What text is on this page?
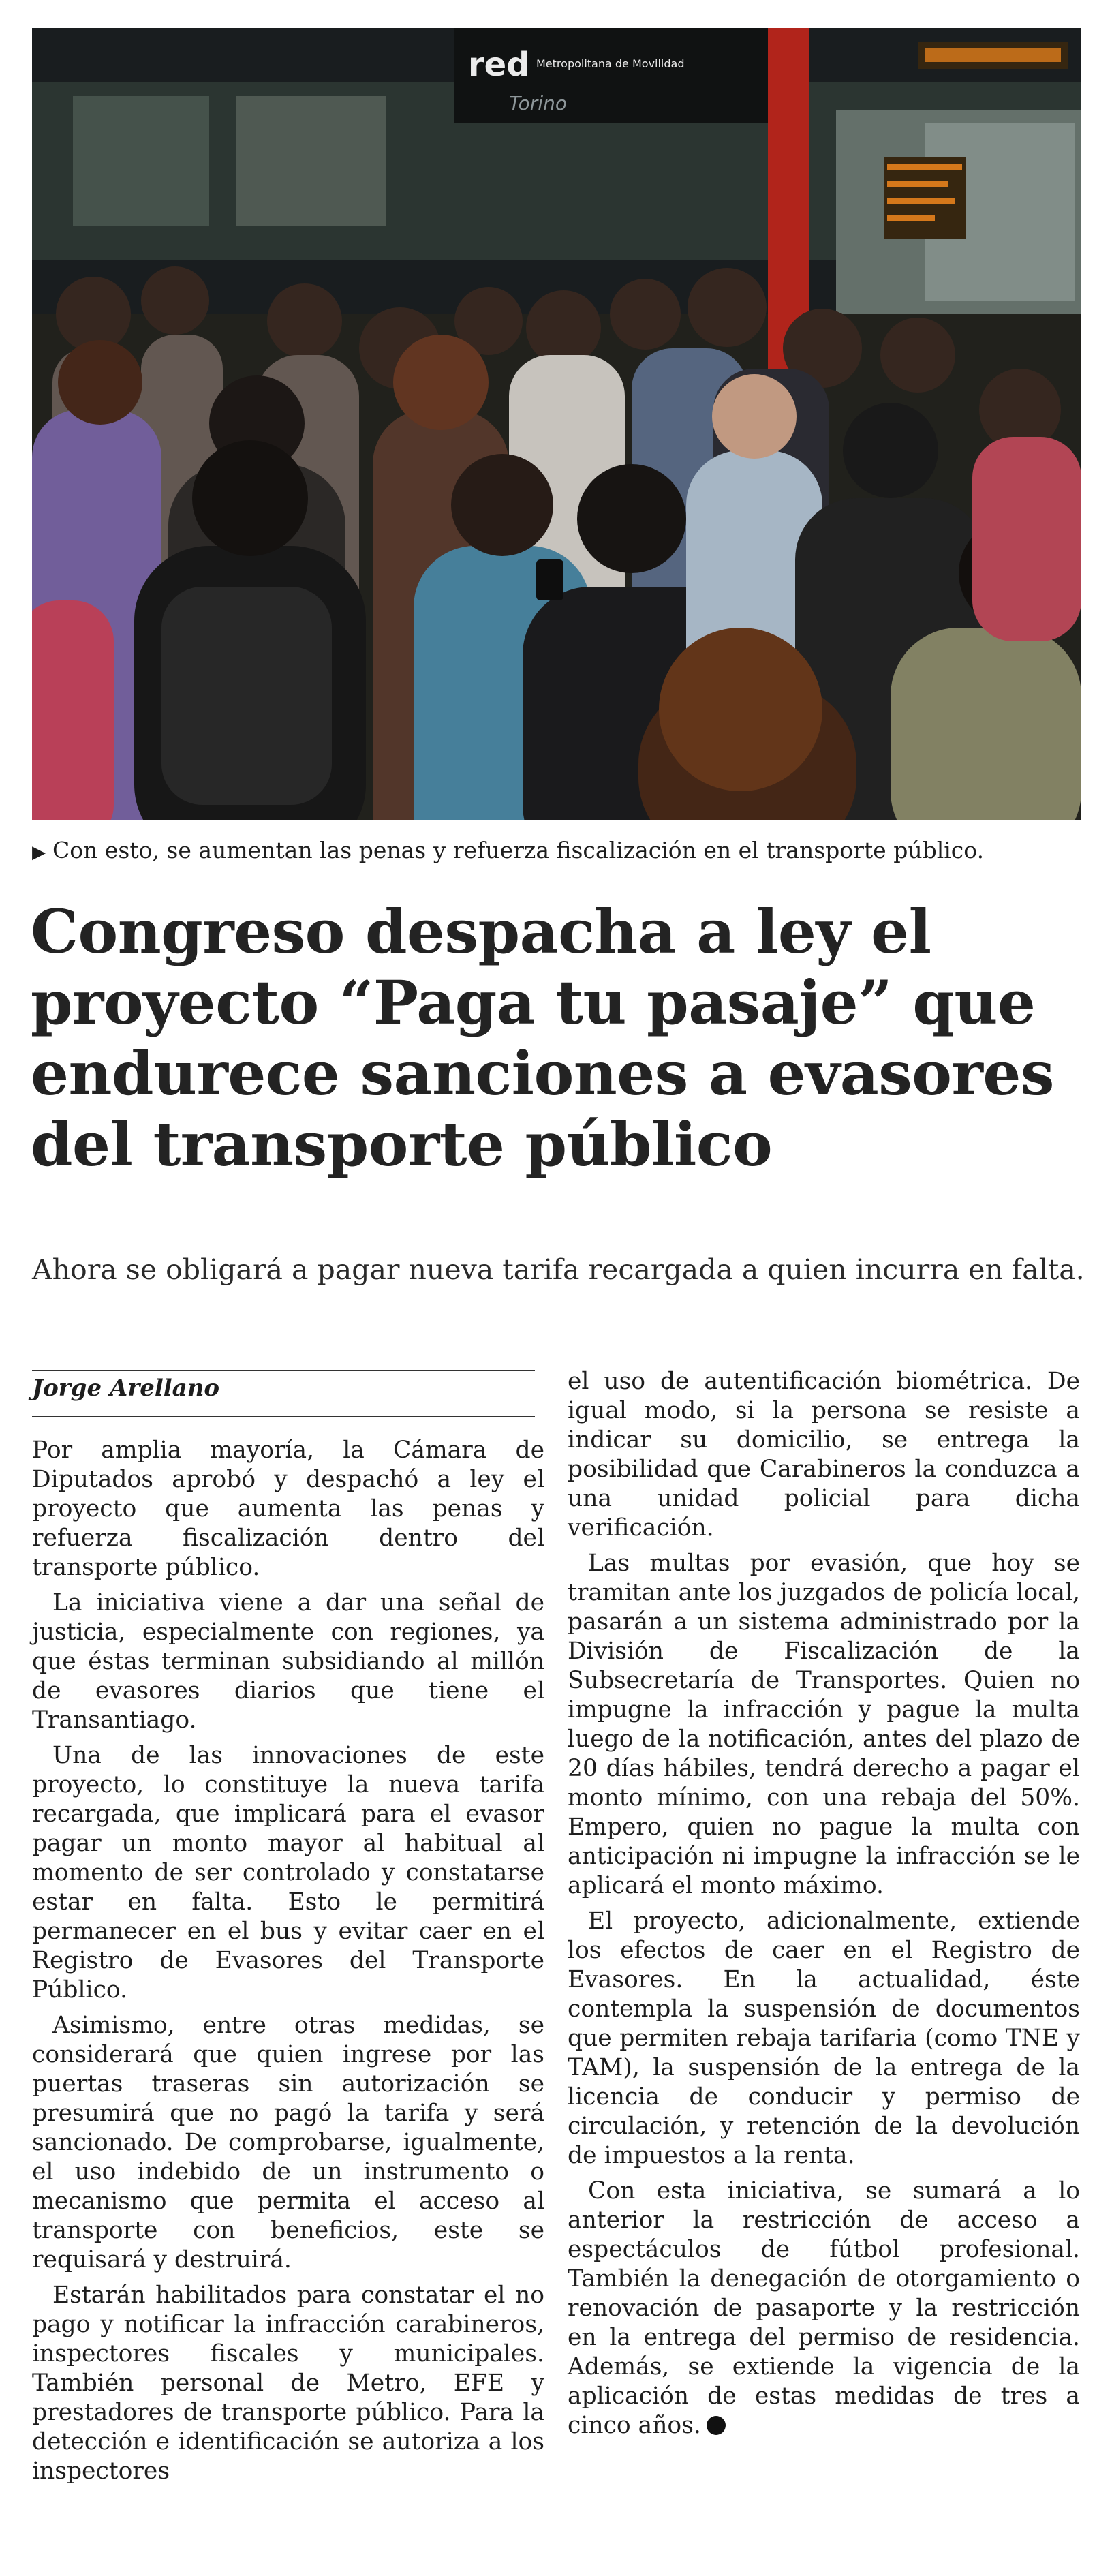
red Metropolitana de Movilidad
Torino
▶ Con esto, se aumentan las penas y refuerza fiscalización en el transporte público.
Congreso despacha a ley el proyecto “Paga tu pasaje” que endurece sanciones a evasores del transporte público
Ahora se obligará a pagar nueva tarifa recargada a quien incurra en falta.
Jorge Arellano

Por amplia mayoría, la Cámara de Diputados aprobó y despachó a ley el proyecto que aumenta las penas y refuerza fiscalización dentro del transporte público.

La iniciativa viene a dar una señal de justicia, especialmente con regiones, ya que éstas terminan subsidiando al millón de evasores diarios que tiene el Transantiago.

Una de las innovaciones de este proyecto, lo constituye la nueva tarifa recargada, que implicará para el evasor pagar un monto mayor al habitual al momento de ser controlado y constatarse estar en falta. Esto le permitirá permanecer en el bus y evitar caer en el Registro de Evasores del Transporte Público.

Asimismo, entre otras medidas, se considerará que quien ingrese por las puertas traseras sin autorización se presumirá que no pagó la tarifa y será sancionado. De comprobarse, igualmente, el uso indebido de un instrumento o mecanismo que permita el acceso al transporte con beneficios, este se requisará y destruirá.

Estarán habilitados para constatar el no pago y notificar la infracción carabineros, inspectores fiscales y municipales. También personal de Metro, EFE y prestadores de transporte público. Para la detección e identificación se autoriza a los inspectores

el uso de autentificación biométrica. De igual modo, si la persona se resiste a indicar su domicilio, se entrega la posibilidad que Carabineros la conduzca a una unidad policial para dicha verificación.

Las multas por evasión, que hoy se tramitan ante los juzgados de policía local, pasarán a un sistema administrado por la División de Fiscalización de la Subsecretaría de Transportes. Quien no impugne la infracción y pague la multa luego de la notificación, antes del plazo de 20 días hábiles, tendrá derecho a pagar el monto mínimo, con una rebaja del 50%. Empero, quien no pague la multa con anticipación ni impugne la infracción se le aplicará el monto máximo.

El proyecto, adicionalmente, extiende los efectos de caer en el Registro de Evasores. En la actualidad, éste contempla la suspensión de documentos que permiten rebaja tarifaria (como TNE y TAM), la suspensión de la entrega de la licencia de conducir y permiso de circulación, y retención de la devolución de impuestos a la renta.

Con esta iniciativa, se sumará a lo anterior la restricción de acceso a espectáculos de fútbol profesional. También la denegación de otorgamiento o renovación de pasaporte y la restricción en la entrega del permiso de residencia. Además, se extiende la vigencia de la aplicación de estas medidas de tres a cinco años.
